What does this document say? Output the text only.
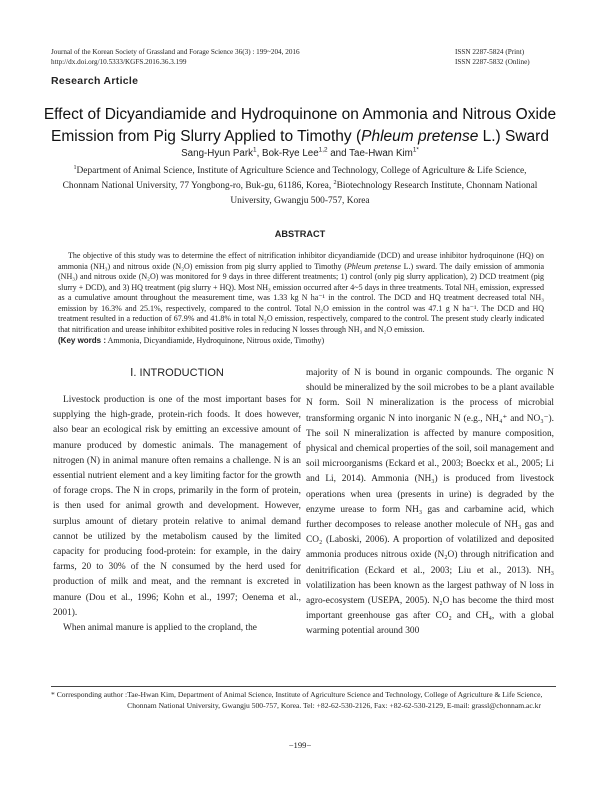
Journal of the Korean Society of Grassland and Forage Science 36(3) : 199~204, 2016
http://dx.doi.org/10.5333/KGFS.2016.36.3.199
ISSN 2287-5824 (Print)
ISSN 2287-5832 (Online)
Research Article
Effect of Dicyandiamide and Hydroquinone on Ammonia and Nitrous Oxide
Emission from Pig Slurry Applied to Timothy (Phleum pretense L.) Sward
Sang-Hyun Park$^1$, Bok-Rye Lee$^{1,2}$ and Tae-Hwan Kim$^{1*}$
$^1$Department of Animal Science, Institute of Agriculture Science and Technology, College of Agriculture & Life Science, Chonnam National University, 77 Yongbong-ro, Buk-gu, 61186, Korea, $^2$Biotechnology Research Institute, Chonnam National University, Gwangju 500-757, Korea
ABSTRACT

The objective of this study was to determine the effect of nitrification inhibitor dicyandiamide (DCD) and urease inhibitor hydroquinone (HQ) on ammonia (NH₃) and nitrous oxide (N₂O) emission from pig slurry applied to Timothy (Phleum pretense L.) sward. The daily emission of ammonia (NH₃) and nitrous oxide (N₂O) was monitored for 9 days in three different treatments; 1) control (only pig slurry application), 2) DCD treatment (pig slurry + DCD), and 3) HQ treatment (pig slurry + HQ). Most NH₃ emission occurred after 4~5 days in three treatments. Total NH₃ emission, expressed as a cumulative amount throughout the measurement time, was 1.33 kg N ha⁻¹ in the control. The DCD and HQ treatment decreased total NH₃ emission by 16.3% and 25.1%, respectively, compared to the control. Total N₂O emission in the control was 47.1 g N ha⁻¹. The DCD and HQ treatment resulted in a reduction of 67.9% and 41.8% in total N₂O emission, respectively, compared to the control. The present study clearly indicated that nitrification and urease inhibitor exhibited positive roles in reducing N losses through NH₃ and N₂O emission.

(Key words : Ammonia, Dicyandiamide, Hydroquinone, Nitrous oxide, Timothy)
Ⅰ. INTRODUCTION

Livestock production is one of the most important bases for supplying the high-grade, protein-rich foods. It does however, also bear an ecological risk by emitting an excessive amount of manure produced by domestic animals. The management of nitrogen (N) in animal manure often remains a challenge. N is an essential nutrient element and a key limiting factor for the growth of forage crops. The N in crops, primarily in the form of protein, is then used for animal growth and development. However, surplus amount of dietary protein relative to animal demand cannot be utilized by the metabolism caused by the limited capacity for producing food-protein: for example, in the dairy farms, 20 to 30% of the N consumed by the herd used for production of milk and meat, and the remnant is excreted in manure (Dou et al., 1996; Kohn et al., 1997; Oenema et al., 2001).

When animal manure is applied to the cropland, the

majority of N is bound in organic compounds. The organic N should be mineralized by the soil microbes to be a plant available N form. Soil N mineralization is the process of microbial transforming organic N into inorganic N (e.g., NH₄⁺ and NO₃⁻). The soil N mineralization is affected by manure composition, physical and chemical properties of the soil, soil management and soil microorganisms (Eckard et al., 2003; Boeckx et al., 2005; Li and Li, 2014). Ammonia (NH₃) is produced from livestock operations when urea (presents in urine) is degraded by the enzyme urease to form NH₃ gas and carbamine acid, which further decomposes to release another molecule of NH₃ gas and CO₂ (Laboski, 2006). A proportion of volatilized and deposited ammonia produces nitrous oxide (N₂O) through nitrification and denitrification (Eckard et al., 2003; Liu et al., 2013). NH₃ volatilization has been known as the largest pathway of N loss in agro-ecosystem (USEPA, 2005). N₂O has become the third most important greenhouse gas after CO₂ and CH₄, with a global warming potential around 300

* Corresponding author : Tae-Hwan Kim, Department of Animal Science, Institute of Agriculture Science and Technology, College of Agriculture & Life Science, Chonnam National University, Gwangju 500-757, Korea. Tel: +82-62-530-2126, Fax: +82-62-530-2129, E-mail: grassl@chonnam.ac.kr
−199−
